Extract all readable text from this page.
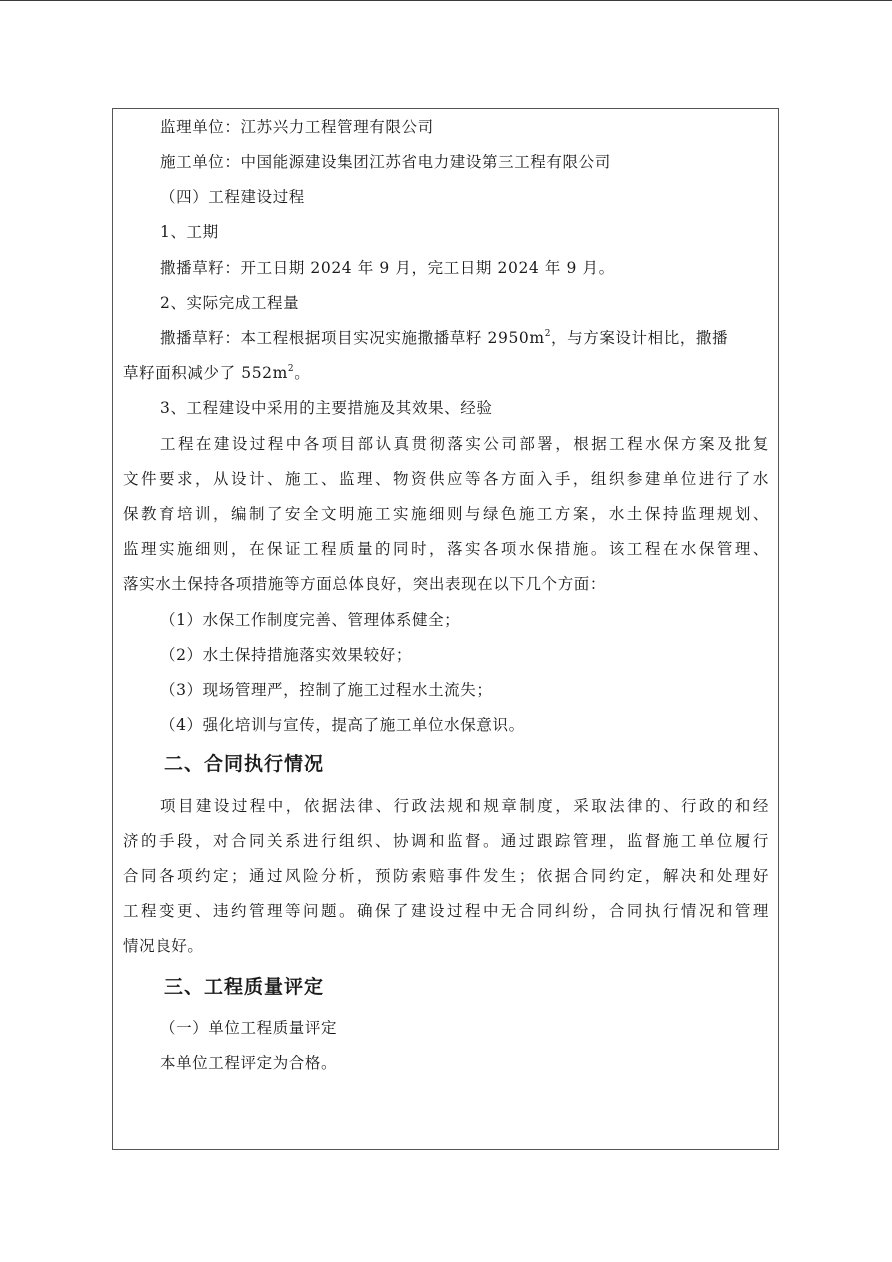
监理单位：江苏兴力工程管理有限公司
施工单位：中国能源建设集团江苏省电力建设第三工程有限公司
（四）工程建设过程
1、工期
撒播草籽：开工日期 2024 年 9 月，完工日期 2024 年 9 月。
2、实际完成工程量
撒播草籽：本工程根据项目实况实施撒播草籽 $2950m^2$，与方案设计相比，撒播
草籽面积减少了 $552m^2$。
3、工程建设中采用的主要措施及其效果、经验
工程在建设过程中各项目部认真贯彻落实公司部署，根据工程水保方案及批复
文件要求，从设计、施工、监理、物资供应等各方面入手，组织参建单位进行了水
保教育培训，编制了安全文明施工实施细则与绿色施工方案，水土保持监理规划、
监理实施细则，在保证工程质量的同时，落实各项水保措施。该工程在水保管理、
落实水土保持各项措施等方面总体良好，突出表现在以下几个方面：
（1）水保工作制度完善、管理体系健全；
（2）水土保持措施落实效果较好；
（3）现场管理严，控制了施工过程水土流失；
（4）强化培训与宣传，提高了施工单位水保意识。
二、合同执行情况
项目建设过程中，依据法律、行政法规和规章制度，采取法律的、行政的和经
济的手段，对合同关系进行组织、协调和监督。通过跟踪管理，监督施工单位履行
合同各项约定；通过风险分析，预防索赔事件发生；依据合同约定，解决和处理好
工程变更、违约管理等问题。确保了建设过程中无合同纠纷，合同执行情况和管理
情况良好。
三、工程质量评定
（一）单位工程质量评定
本单位工程评定为合格。
